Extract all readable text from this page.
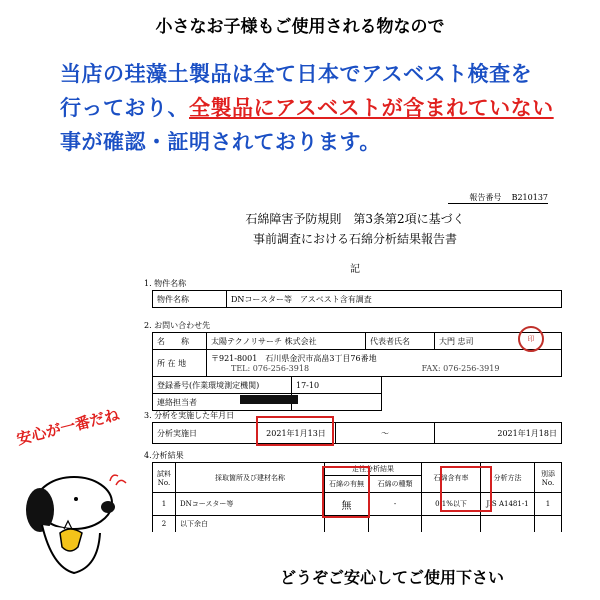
小さなお子様もご使用される物なので
当店の珪藻土製品は全て日本でアスベスト検査を
行っており、全製品にアスベストが含まれていない
事が確認・証明されております。
報告番号 B210137
石綿障害予防規則　第3条第2項に基づく
事前調査における石綿分析結果報告書
記
1. 物件名称
物件名称	DNコースター等　アスベスト含有調査
2. お問い合わせ先
名　　称	太陽テクノリサーチ 株式会社	代表者氏名	大門 忠司
所 在 地	〒921-8001　石川県金沢市高畠3丁目76番地
TEL: 076-256-3918 FAX: 076-256-3919		
登録番号(作業環境測定機関)	17-10
連絡担当者	
3. 分析を実施した年月日
分析実施日	2021年1月13日	〜	2021年1月18日
4.分析結果
試料No.	採取箇所及び建材名称	定性分析結果		石綿含有率	分析方法	別添No.
		石綿の有無	石綿の種類			
1	DNコースター等	無	-	0.1%以下	JIS A1481-1	1
2	以下余白					
印
安心が一番だね
どうぞご安心してご使用下さい
